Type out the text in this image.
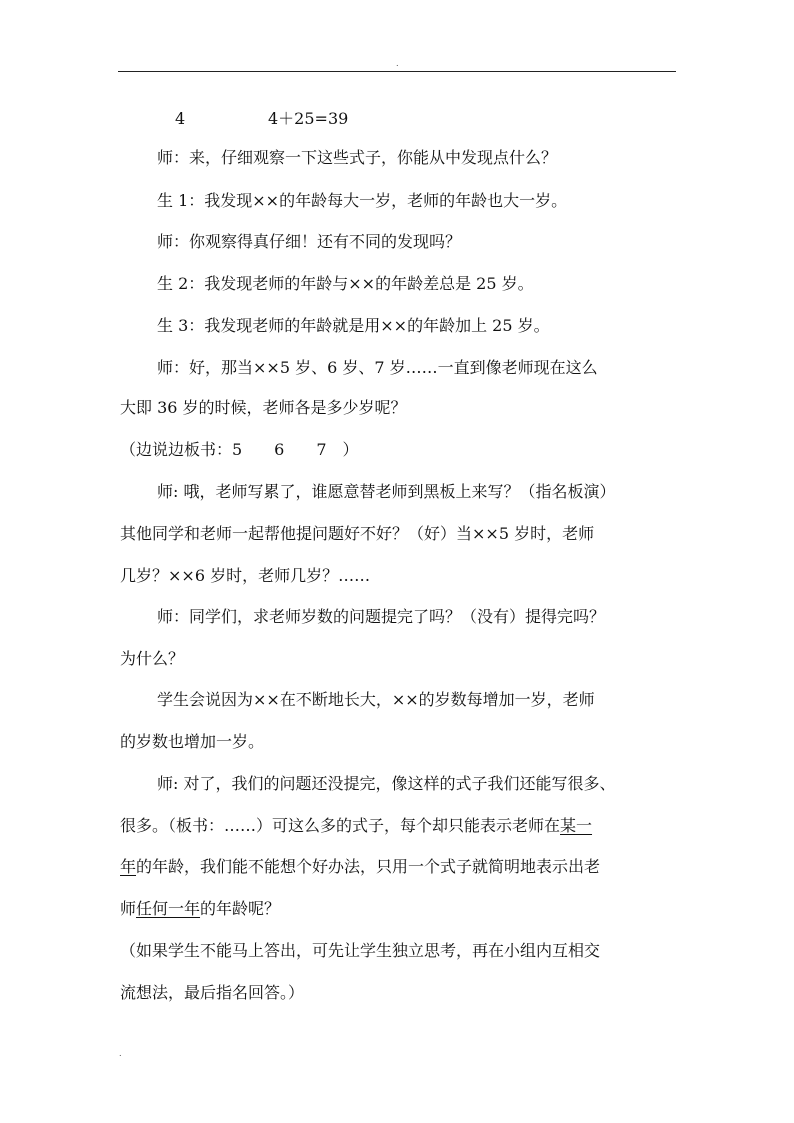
.
4	4＋25=39
师：来，仔细观察一下这些式子，你能从中发现点什么？
生 1：我发现××的年龄每大一岁，老师的年龄也大一岁。
师：你观察得真仔细！还有不同的发现吗？
生 2：我发现老师的年龄与××的年龄差总是 25 岁。
生 3：我发现老师的年龄就是用××的年龄加上 25 岁。
师：好，那当××5 岁、6 岁、7 岁……一直到像老师现在这么
大即 36 岁的时候，老师各是多少岁呢？
（边说边板书：5　　6　　7　）
师: 哦，老师写累了，谁愿意替老师到黑板上来写？（指名板演）
其他同学和老师一起帮他提问题好不好？（好）当××5 岁时，老师
几岁？××6 岁时，老师几岁？……
师：同学们，求老师岁数的问题提完了吗？（没有）提得完吗？
为什么？
学生会说因为××在不断地长大，××的岁数每增加一岁，老师
的岁数也增加一岁。
师: 对了，我们的问题还没提完，像这样的式子我们还能写很多、
很多。（板书：……）可这么多的式子，每个却只能表示老师在某一
年的年龄，我们能不能想个好办法，只用一个式子就简明地表示出老
师任何一年的年龄呢？
（如果学生不能马上答出，可先让学生独立思考，再在小组内互相交
流想法，最后指名回答。）
.
